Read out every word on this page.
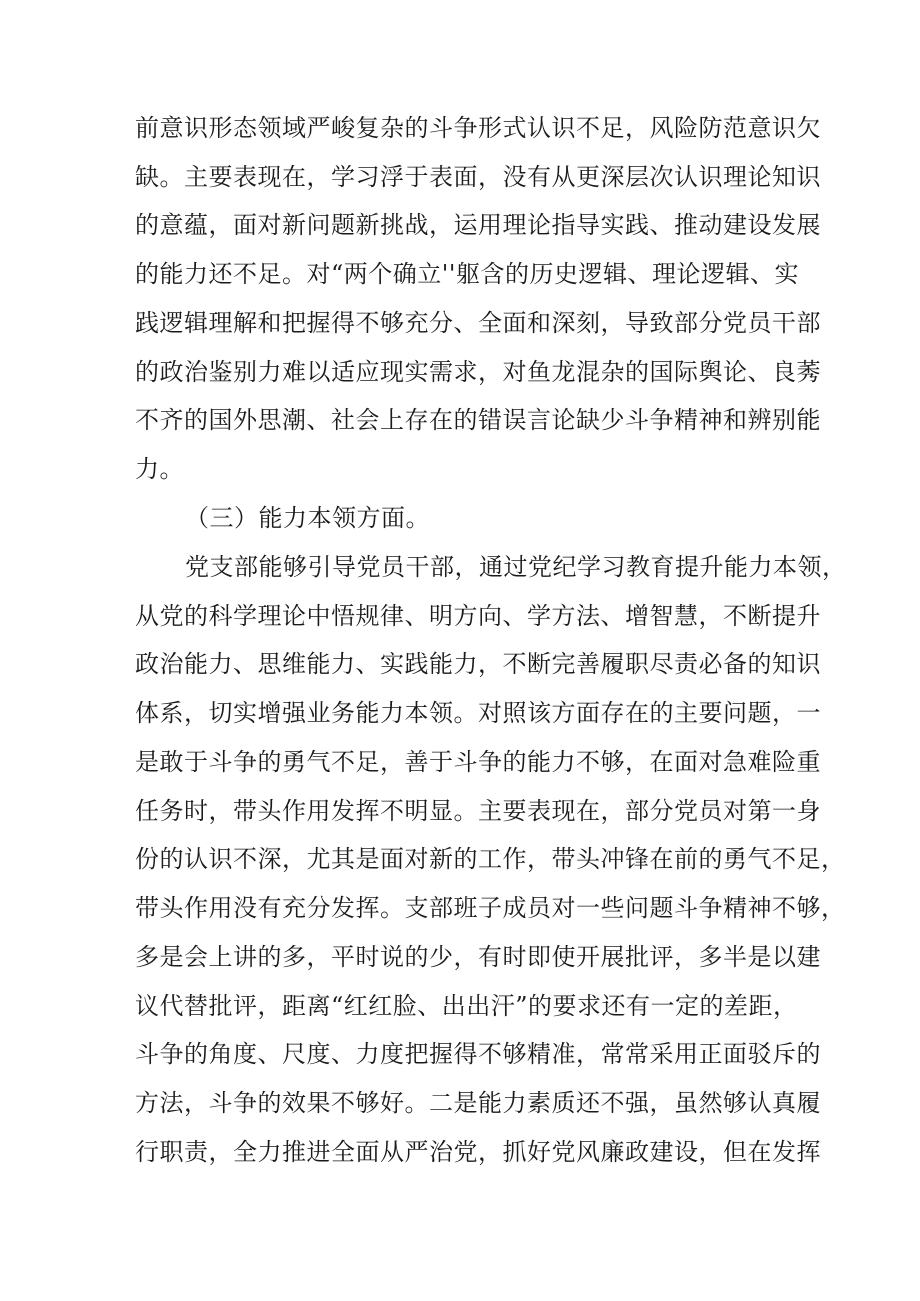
前意识形态领域严峻复杂的斗争形式认识不足，风险防范意识欠
缺。主要表现在，学习浮于表面，没有从更深层次认识理论知识
的意蕴，面对新问题新挑战，运用理论指导实践、推动建设发展
的能力还不足。对“两个确立''躯含的历史逻辑、理论逻辑、实
践逻辑理解和把握得不够充分、全面和深刻，导致部分党员干部
的政治鉴别力难以适应现实需求，对鱼龙混杂的国际舆论、良莠
不齐的国外思潮、社会上存在的错误言论缺少斗争精神和辨别能
力。
（三）能力本领方面。
党支部能够引导党员干部，通过党纪学习教育提升能力本领，
从党的科学理论中悟规律、明方向、学方法、增智慧，不断提升
政治能力、思维能力、实践能力，不断完善履职尽责必备的知识
体系，切实增强业务能力本领。对照该方面存在的主要问题，一
是敢于斗争的勇气不足，善于斗争的能力不够，在面对急难险重
任务时，带头作用发挥不明显。主要表现在，部分党员对第一身
份的认识不深，尤其是面对新的工作，带头冲锋在前的勇气不足，
带头作用没有充分发挥。支部班子成员对一些问题斗争精神不够，
多是会上讲的多，平时说的少，有时即使开展批评，多半是以建
议代替批评，距离“红红脸、出出汗”的要求还有一定的差距，
斗争的角度、尺度、力度把握得不够精准，常常采用正面驳斥的
方法，斗争的效果不够好。二是能力素质还不强，虽然够认真履
行职责，全力推进全面从严治党，抓好党风廉政建设，但在发挥
